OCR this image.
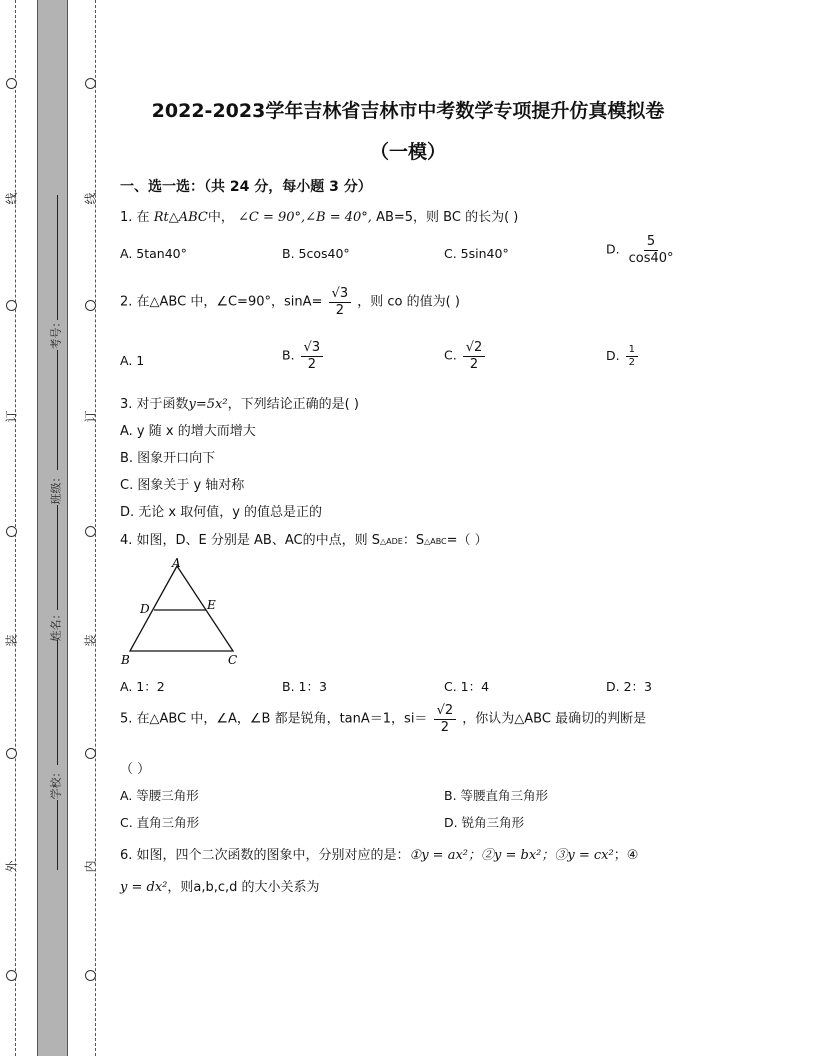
线
订
装
外
线
订
装
内
考号：
班级：
姓名：
学校：
2022-2023学年吉林省吉林市中考数学专项提升仿真模拟卷
（一模）
一、选一选：（共 24 分，每小题 3 分）
1. 在 Rt△ABC中， ∠C = 90°,∠B = 40°, AB=5，则 BC 的长为( )
A. 5tan40°	B. 5cos40°	C. 5sin40°	D. $\frac{5}{\cos 40^\circ}$
2. 在△ABC 中，∠C=90°，$\sin A= \frac{√3}{2}$ ，则 co 的值为( )
A. 1	B. $\frac{√3}{2}$	C. $\frac{√2}{2}$	D. $\frac{1}{2}$
3. 对于函数y=5x²，下列结论正确的是( )
A. y 随 x 的增大而增大
B. 图象开口向下
C. 图象关于 y 轴对称
D. 无论 x 取何值，y 的值总是正的
4. 如图，D、E 分别是 AB、AC的中点，则 S△ADE：S△ABC=（ ）
A
D	E
B	C
A. 1：2	B. 1：3	C. 1：4	D. 2：3
5. 在△ABC 中，∠A，∠B 都是锐角，tanA＝1，$si= \frac{√2}{2}$ ，你认为△ABC 最确切的判断是
（ ）
A. 等腰三角形	B. 等腰直角三角形
C. 直角三角形	D. 锐角三角形
6. 如图，四个二次函数的图象中，分别对应的是：①y = ax²；②y = bx²；③y = cx²；④
y = dx²，则a,b,c,d 的大小关系为
